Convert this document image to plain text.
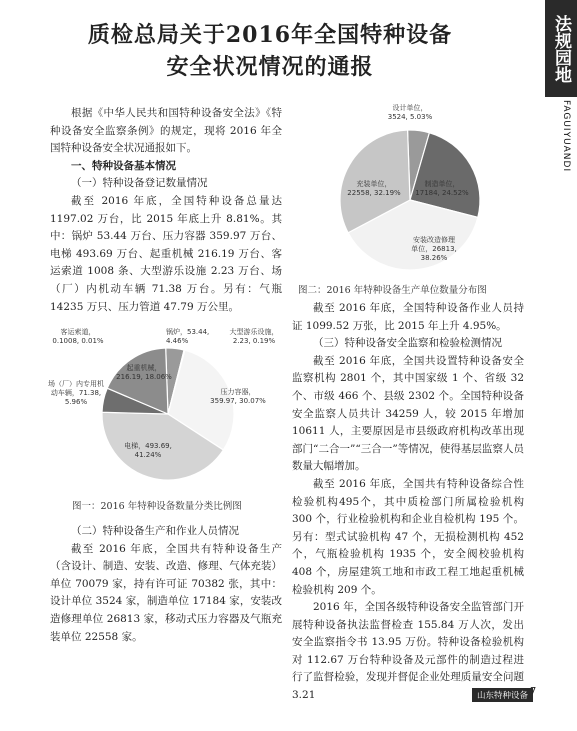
质检总局关于2016年全国特种设备
安全状况情况的通报	法规园地
FAGUIYUANDI

根据《中华人民共和国特种设备安全法》《特种设备安全监察条例》的规定，现将 2016 年全国特种设备安全状况通报如下。

一、特种设备基本情况

（一）特种设备登记数量情况

截至 2016 年底，全国特种设备总量达 1197.02 万台，比 2015 年底上升 8.81%。其中：锅炉 53.44 万台、压力容器 359.97 万台、电梯 493.69 万台、起重机械 216.19 万台、客运索道 1008 条、大型游乐设施 2.23 万台、场（厂）内机动车辆 71.38 万台。另有：气瓶 14235 万只、压力管道 47.79 万公里。

客运索道， 0.1008, 0.01%
锅炉，53.44, 4.46%
大型游乐设施， 2.23, 0.19%
压力容器， 359.97, 30.07%
电梯，493.69, 41.24%
场（厂）内专用机动车辆，71.38, 5.96%
起重机械， 216.19, 18.06%
图一：2016 年特种设备数量分类比例图

（二）特种设备生产和作业人员情况

截至 2016 年底，全国共有特种设备生产（含设计、制造、安装、改造、修理、气体充装）单位 70079 家，持有许可证 70382 张，其中：设计单位 3524 家，制造单位 17184 家，安装改造修理单位 26813 家，移动式压力容器及气瓶充装单位 22558 家。

设计单位， 3524, 5.03%
制造单位， 17184, 24.52%
安装改造修理单位，26813, 38.26%
充装单位， 22558, 32.19%
图二：2016 年特种设备生产单位数量分布图

截至 2016 年底，全国特种设备作业人员持证 1099.52 万张，比 2015 年上升 4.95%。

（三）特种设备安全监察和检验检测情况

截至 2016 年底，全国共设置特种设备安全监察机构 2801 个，其中国家级 1 个、省级 32 个、市级 466 个、县级 2302 个。全国特种设备安全监察人员共计 34259 人，较 2015 年增加 10611 人，主要原因是市县级政府机构改革出现部门“二合一”“三合一”等情况，使得基层监察人员数量大幅增加。

截至 2016 年底，全国共有特种设备综合性检验机构495个，其中质检部门所属检验机构 300 个，行业检验机构和企业自检机构 195 个。另有：型式试验机构 47 个，无损检测机构 452 个，气瓶检验机构 1935 个，安全阀校验机构 408 个，房屋建筑工地和市政工程工地起重机械检验机构 209 个。

2016 年，全国各级特种设备安全监管部门开展特种设备执法监督检查 155.84 万人次，发出安全监察指令书 13.95 万份。特种设备检验机构对 112.67 万台特种设备及元部件的制造过程进行了监督检验，发现并督促企业处理质量安全问题 3.21	山东特种设备 7
